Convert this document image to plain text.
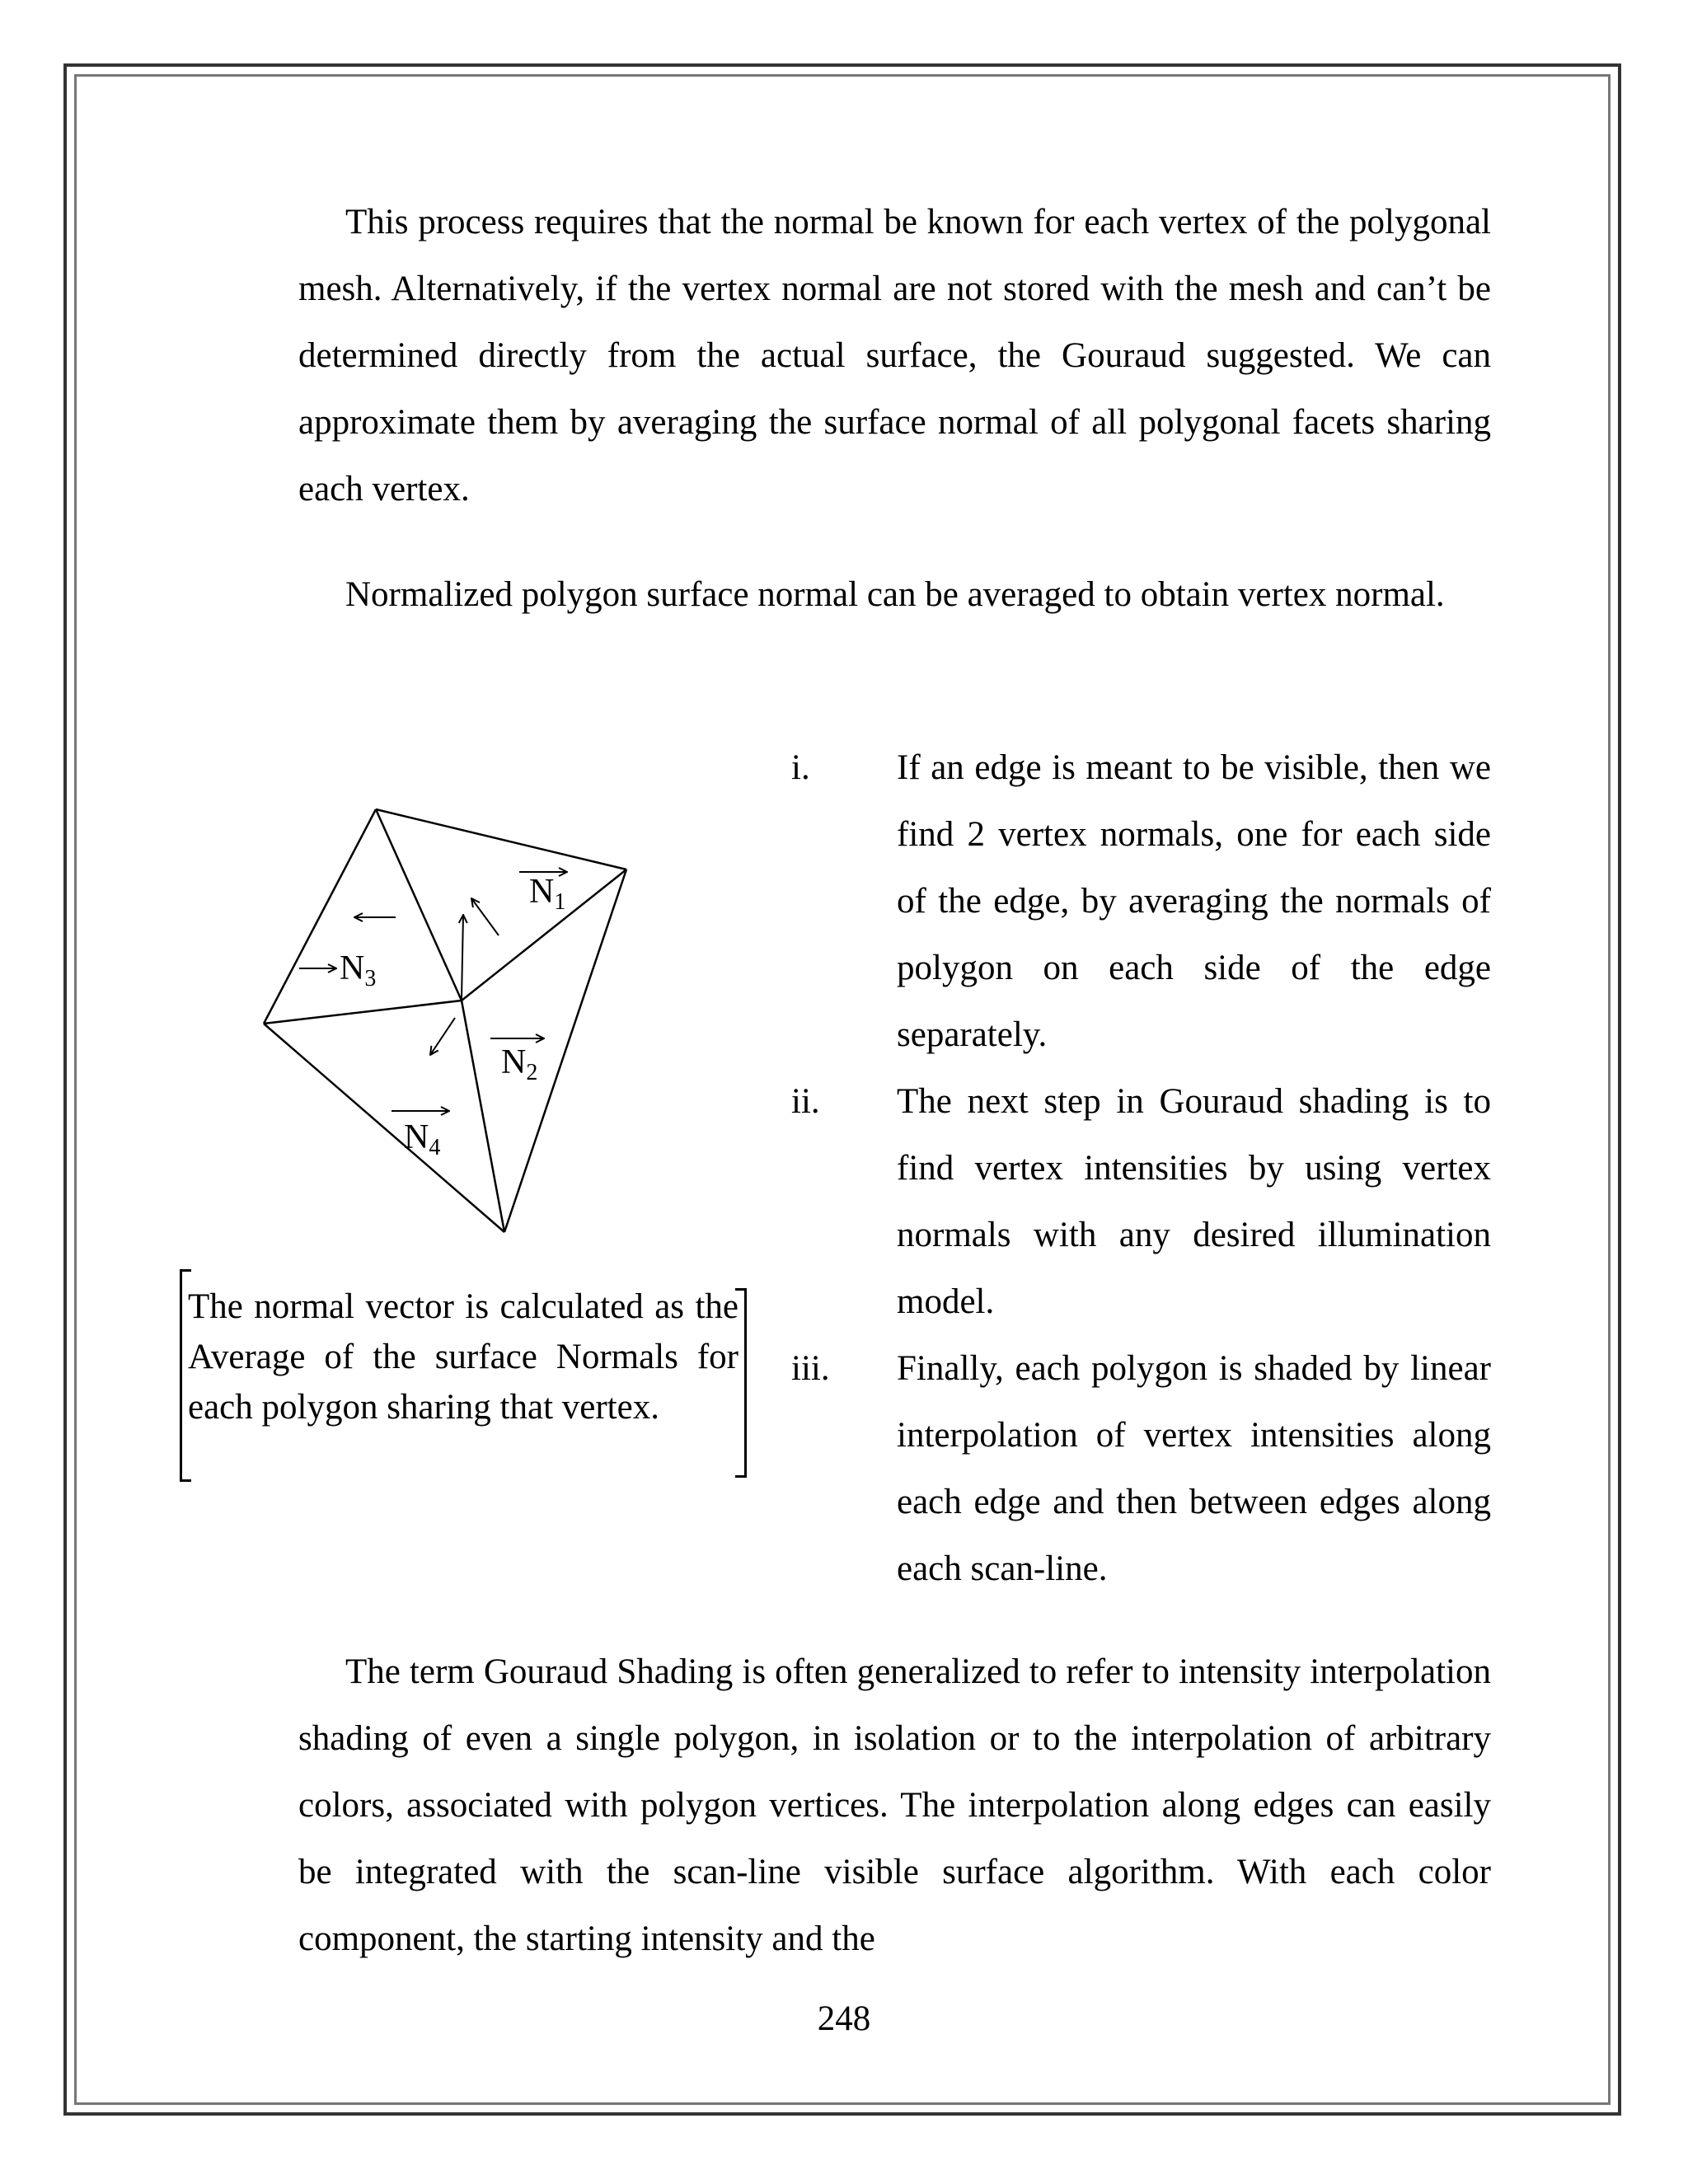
This process requires that the normal be known for each vertex of the polygonal mesh. Alternatively, if the vertex normal are not stored with the mesh and can’t be determined directly from the actual surface, the Gouraud suggested. We can approximate them by averaging the surface normal of all polygonal facets sharing each vertex.

Normalized polygon surface normal can be averaged to obtain vertex normal.

N1
N2
N3
N4

The normal vector is calculated as the Average of the surface Normals for each polygon sharing that vertex.

i. If an edge is meant to be visible, then we find 2 vertex normals, one for each side of the edge, by averaging the normals of polygon on each side of the edge separately.

ii. The next step in Gouraud shading is to find vertex intensities by using vertex normals with any desired illumination model.

iii. Finally, each polygon is shaded by linear interpolation of vertex intensities along each edge and then between edges along each scan-line.

The term Gouraud Shading is often generalized to refer to intensity interpolation shading of even a single polygon, in isolation or to the interpolation of arbitrary colors, associated with polygon vertices. The interpolation along edges can easily be integrated with the scan-line visible surface algorithm. With each color component, the starting intensity and the

248
